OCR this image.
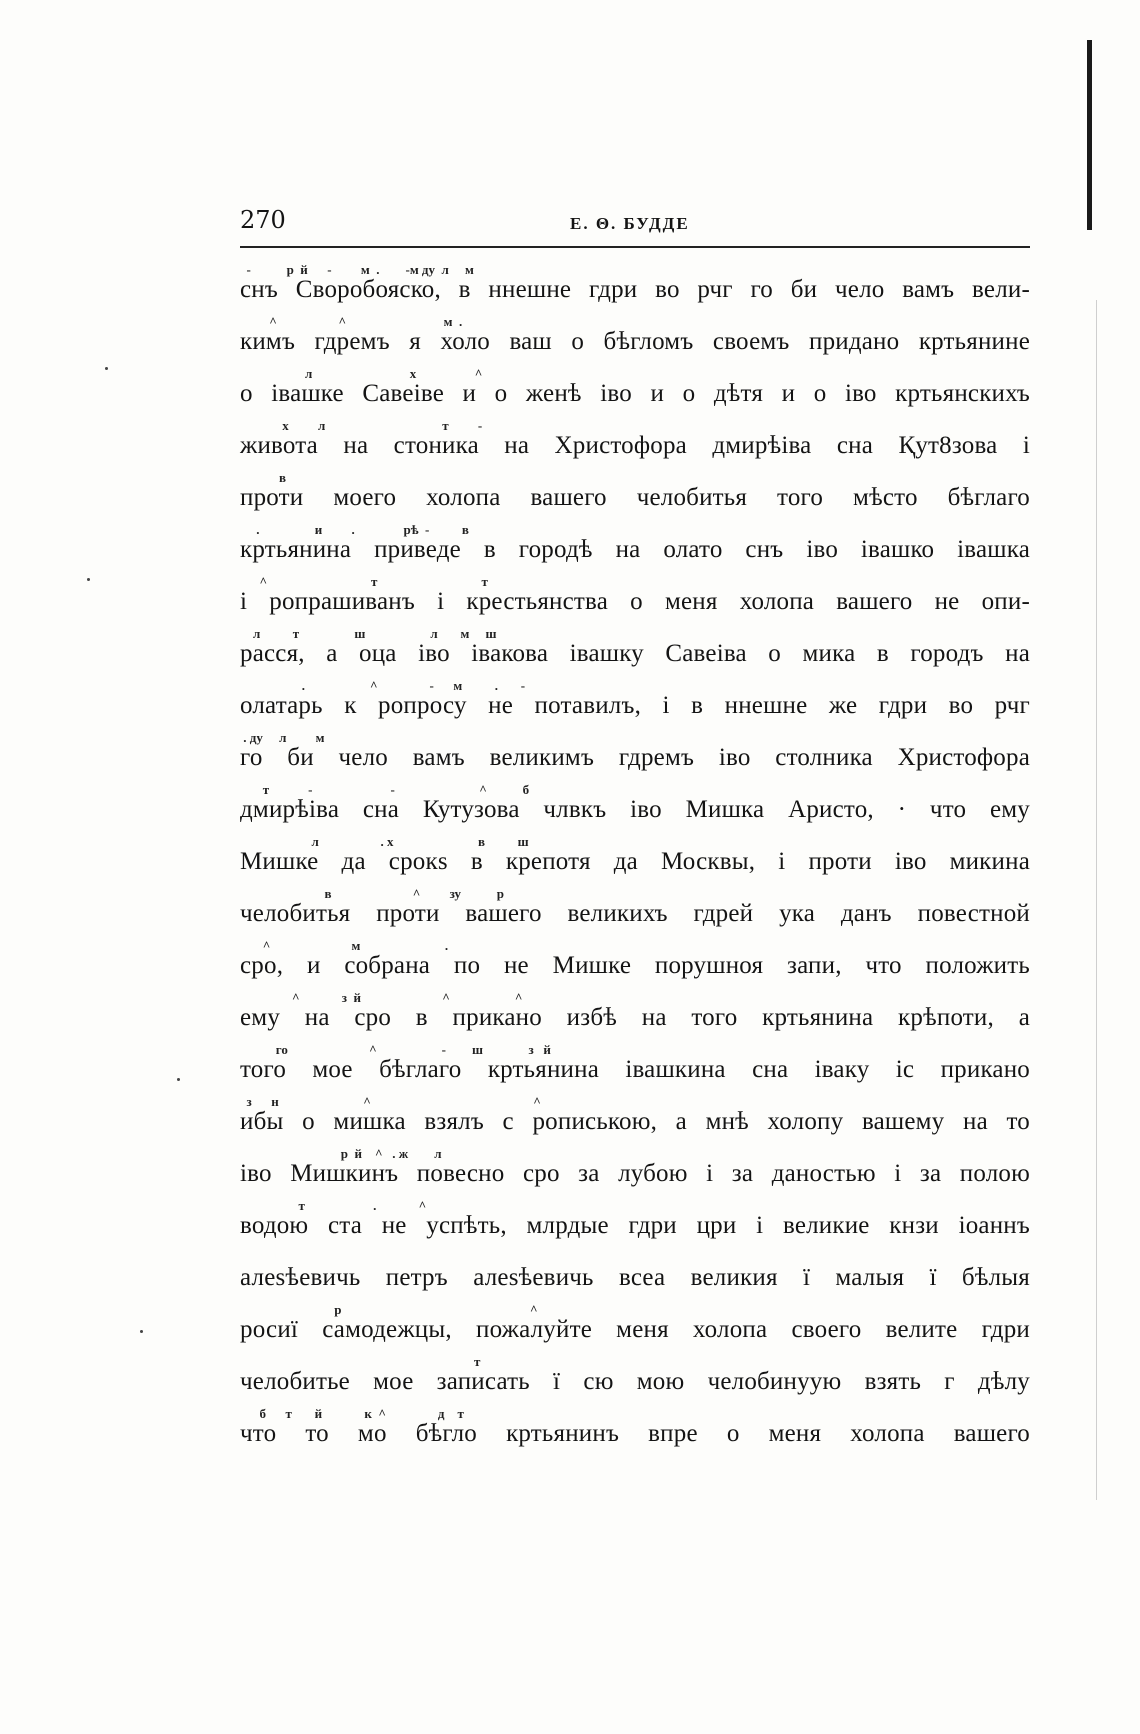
270	Е. Θ. БУДДЕ
-           р  й      -         м  .        -м ду  л     м
снъ Своробояско, в ннешне гдри во рчг го би чело вамъ вели-
^                   ^                              м  .
кимъ гдремъ я холо ваш о бѣгломъ своемъ придано кртьянине
л                              х                  ^
о івашке Савеіве и о женѣ іво и о дѣтя и о іво кртьянскихъ
х         л                                    т         -
живота на стоника на Христофора дмирѣіва сна Қут8зова і
в
проти моего холопа вашего челобитья того мѣсто бѣглаго
.                 и         .               рѣ  -          в
кртьянина приведе в городѣ на олато снъ іво івашко івашка
^                                т                                т
і ропрашиванъ і крестьянства о меня холопа вашего не опи-
л          т                 ш                    л       м     ш
расся, а оца іво івакова івашку Савеіва о мика в городъ на
.                    ^                -      м          .       -
олатарь к ропросу не потавилъ, і в ннешне же гдри во рчг
. ду     л         м
го би чело вамъ великимъ гдремъ іво столника Христофора
т            -                        -                          ^           б
дмирѣіва сна Кутузова члвкъ іво Мишка Аристо, · что ему
л                   . х                          в          ш
Мишке да срокѕ в крепотя да Москвы, і проти іво микина
в                         ^         зу           р
челобитья проти вашего великихъ гдрей ука данъ повестной
^                         м                          .
сро, и собрана по не Мишке порушноя запи, что положить
^             з  й                         ^                    ^
ему на сро в прикано избѣ на того кртьянина крѣпоти, а
го                         ^                    -        ш              з   й
того мое бѣглаго кртьянина івашкина сна іваку іс прикано
з      н                          ^                                                  ^
ибы о мишка взялъ с ропиською, а мнѣ холопу вашему на то
р  й    ^   . ж        л
іво Мишкинъ повесно сро за лубою і за даностью і за полою
т                     .             ^
водою ста не успѣть, млрдые гдри цри і великие кнзи іоаннъ
алеѕѣевичь петръ алеѕѣевичь всеа великия ї малыя ї бѣлыя
р                                                          ^
росиї самодежцы, пожалуйте меня холопа своего велите гдри
т
челобитье мое записать ї сю мою челобинуую взять г дѣлу
б      т       й             к  ^                д    т
что то мо бѣгло кртьянинъ впре о меня холопа вашего
